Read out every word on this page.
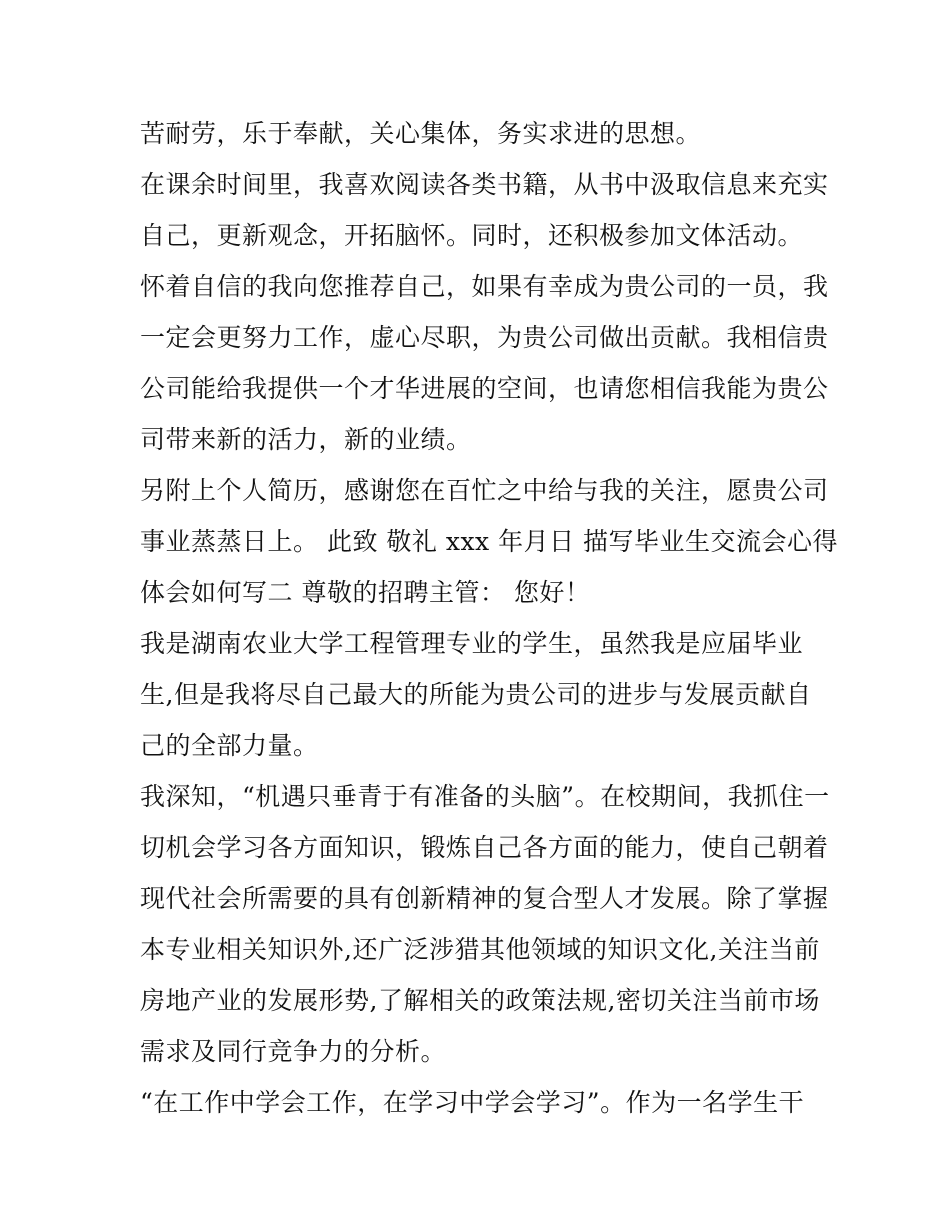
苦耐劳，乐于奉献，关心集体，务实求进的思想。
在课余时间里，我喜欢阅读各类书籍，从书中汲取信息来充实
自己，更新观念，开拓脑怀。同时，还积极参加文体活动。
怀着自信的我向您推荐自己，如果有幸成为贵公司的一员，我
一定会更努力工作，虚心尽职，为贵公司做出贡献。我相信贵
公司能给我提供一个才华进展的空间，也请您相信我能为贵公
司带来新的活力，新的业绩。
另附上个人简历，感谢您在百忙之中给与我的关注，愿贵公司
事业蒸蒸日上。 此致 敬礼 xxx 年月日 描写毕业生交流会心得
体会如何写二 尊敬的招聘主管： 您好！
我是湖南农业大学工程管理专业的学生，虽然我是应届毕业
生,但是我将尽自己最大的所能为贵公司的进步与发展贡献自
己的全部力量。
我深知，“机遇只垂青于有准备的头脑”。在校期间，我抓住一
切机会学习各方面知识，锻炼自己各方面的能力，使自己朝着
现代社会所需要的具有创新精神的复合型人才发展。除了掌握
本专业相关知识外,还广泛涉猎其他领域的知识文化,关注当前
房地产业的发展形势,了解相关的政策法规,密切关注当前市场
需求及同行竞争力的分析。
“在工作中学会工作，在学习中学会学习”。作为一名学生干
